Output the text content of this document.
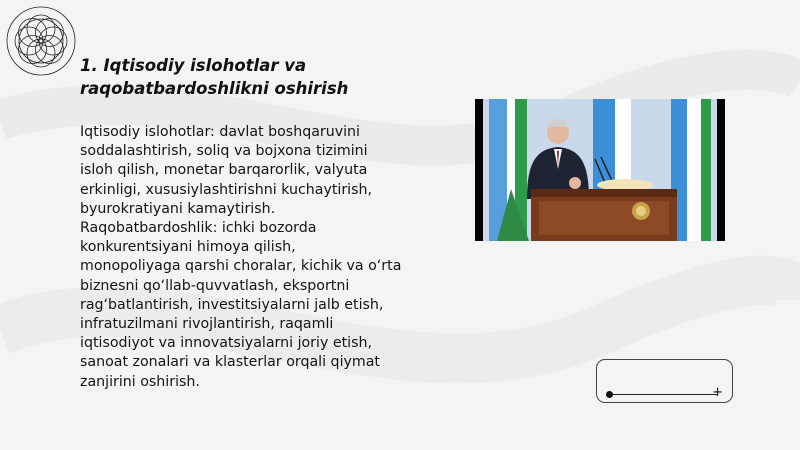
1. Iqtisodiy islohotlar va
raqobatbardoshlikni oshirish

Iqtisodiy islohotlar: davlat boshqaruvini

soddalashtirish, soliq va bojxona tizimini

isloh qilish, monetar barqarorlik, valyuta

erkinligi, xususiylashtirishni kuchaytirish,

byurokratiyani kamaytirish.

Raqobatbardoshlik: ichki bozorda

konkurentsiyani himoya qilish,

monopoliyaga qarshi choralar, kichik va o‘rta

biznesni qo‘llab-quvvatlash, eksportni

rag‘batlantirish, investitsiyalarni jalb etish,

infratuzilmani rivojlantirish, raqamli

iqtisodiyot va innovatsiyalarni joriy etish,

sanoat zonalari va klasterlar orqali qiymat

zanjirini oshirish.

+
